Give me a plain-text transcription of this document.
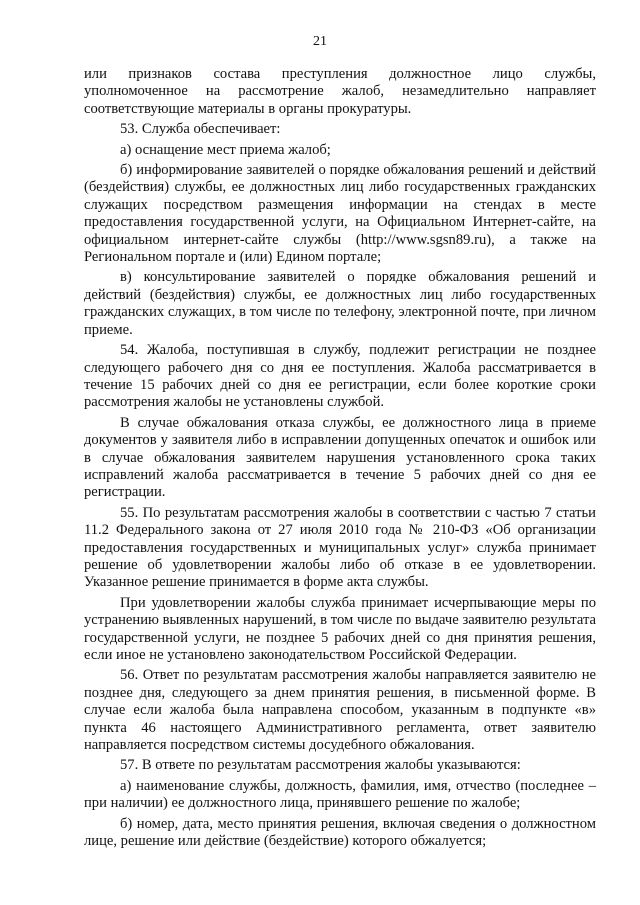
21

или признаков состава преступления должностное лицо службы, уполномоченное на рассмотрение жалоб, незамедлительно направляет соответствующие материалы в органы прокуратуры.

53. Служба обеспечивает:

а) оснащение мест приема жалоб;

б) информирование заявителей о порядке обжалования решений и действий (бездействия) службы, ее должностных лиц либо государственных гражданских служащих посредством размещения информации на стендах в месте предоставления государственной услуги, на Официальном Интернет-сайте, на официальном интернет-сайте службы (http://www.sgsn89.ru), а также на Региональном портале и (или) Едином портале;

в) консультирование заявителей о порядке обжалования решений и действий (бездействия) службы, ее должностных лиц либо государственных гражданских служащих, в том числе по телефону, электронной почте, при личном приеме.

54. Жалоба, поступившая в службу, подлежит регистрации не позднее следующего рабочего дня со дня ее поступления. Жалоба рассматривается в течение 15 рабочих дней со дня ее регистрации, если более короткие сроки рассмотрения жалобы не установлены службой.

В случае обжалования отказа службы, ее должностного лица в приеме документов у заявителя либо в исправлении допущенных опечаток и ошибок или в случае обжалования заявителем нарушения установленного срока таких исправлений жалоба рассматривается в течение 5 рабочих дней со дня ее регистрации.

55. По результатам рассмотрения жалобы в соответствии с частью 7 статьи 11.2 Федерального закона от 27 июля 2010 года № 210-ФЗ «Об организации предоставления государственных и муниципальных услуг» служба принимает решение об удовлетворении жалобы либо об отказе в ее удовлетворении. Указанное решение принимается в форме акта службы.

При удовлетворении жалобы служба принимает исчерпывающие меры по устранению выявленных нарушений, в том числе по выдаче заявителю результата государственной услуги, не позднее 5 рабочих дней со дня принятия решения, если иное не установлено законодательством Российской Федерации.

56. Ответ по результатам рассмотрения жалобы направляется заявителю не позднее дня, следующего за днем принятия решения, в письменной форме. В случае если жалоба была направлена способом, указанным в подпункте «в» пункта 46 настоящего Административного регламента, ответ заявителю направляется посредством системы досудебного обжалования.

57. В ответе по результатам рассмотрения жалобы указываются:

а) наименование службы, должность, фамилия, имя, отчество (последнее – при наличии) ее должностного лица, принявшего решение по жалобе;

б) номер, дата, место принятия решения, включая сведения о должностном лице, решение или действие (бездействие) которого обжалуется;
